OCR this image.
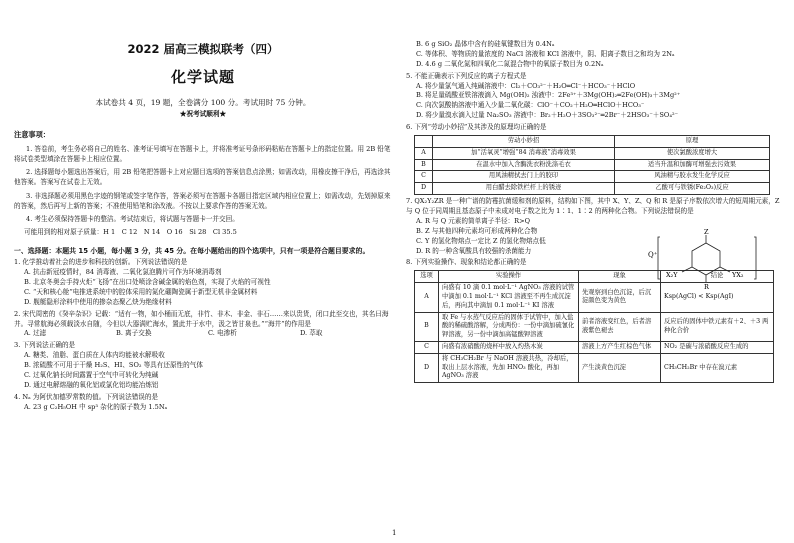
2022 届高三模拟联考（四）
化学试题
本试卷共 4 页，19 题，全卷满分 100 分。考试用时 75 分钟。
★祝考试顺利★
注意事项：

1. 答卷前，考生务必将自己的姓名、准考证号填写在答题卡上，并将准考证号条形码粘贴在答题卡上的指定位置。用 2B 铅笔将试卷类型填涂在答题卡上相应位置。

2. 选择题每小题选出答案后，用 2B 铅笔把答题卡上对应题目选项的答案信息点涂黑；如需改动，用橡皮擦干净后，再选涂其他答案。答案写在试卷上无效。

3. 非选择题必须用黑色字迹的钢笔或签字笔作答，答案必须写在答题卡各题目指定区域内相应位置上；如需改动，先划掉原来的答案，然后再写上新的答案；不准使用铅笔和涂改液。不按以上要求作答的答案无效。

4. 考生必须保持答题卡的整洁。考试结束后，将试题与答题卡一并交回。

可能用到的相对原子质量：H 1　C 12　N 14　O 16　Si 28　Cl 35.5
一、选择题：本题共 15 小题，每小题 3 分，共 45 分。在每小题给出的四个选项中，只有一项是符合题目要求的。
1. 化学推动着社会的进步和科技的创新。下列说法错误的是
A. 抗击新冠疫情时，84 消毒液、二氧化氯泡腾片可作为环境消毒剂
B. 北京冬奥会手持火炬“飞扬”在出口处喷涂含碱金属的焰色剂，实现了火焰的可视性
C. “天和核心舱”电推进系统中的腔体采用的氮化硼陶瓷属于新型无机非金属材料
D. 舰艇隐形涂料中使用的掺杂态聚乙炔为绝缘材料
2. 宋代周密的《癸辛杂识》记载：“适有一物，如小桶而无底，非竹、非木、非金、非石……来以贵货，闭口此至交也，其名曰海井。寻常航海必须载淡水自随，今但以大器满贮海水，置此井于水中，汲之皆甘泉也。”“海井”的作用是
A. 过滤	B. 离子交换	C. 电渗析	D. 萃取
3. 下列说法正确的是
A. 糖类、油脂、蛋白质在人体内均能被水解吸收
B. 浓硫酸不可用于干燥 H₂S、HI、SO₂ 等具有还原性的气体
C. 过氧化钠长时间露置于空气中可转化为纯碱
D. 通过电解熔融的氧化铝或氯化铝均能冶炼铝
4. Nₐ 为阿伏加德罗常数的值。下列说法错误的是
A. 23 g C₂H₅OH 中 sp³ 杂化的原子数为 1.5Nₐ
B. 6 g SiO₂ 晶体中含有的硅氧键数目为 0.4Nₐ
C. 等体积、等物质的量浓度的 NaCl 溶液和 KCl 溶液中，阴、阳离子数目之和均为 2Nₐ
D. 4.6 g 二氧化氮和四氧化二氮混合物中的氧原子数目为 0.2Nₐ
5. 不能正确表示下列反应的离子方程式是
A. 将少量氯气通入纯碱溶液中：Cl₂＋CO₃²⁻＋H₂O═Cl⁻＋HCO₃⁻＋HClO
B. 将足量硫酸亚铁溶液滴入 Mg(OH)₂ 浊液中：2Fe³⁺＋3Mg(OH)₂═2Fe(OH)₃＋3Mg²⁺
C. 向次氯酸钠溶液中通入少量二氧化碳：ClO⁻＋CO₂＋H₂O═HClO＋HCO₃⁻
D. 将少量溴水滴入过量 Na₂SO₃ 溶液中：Br₂＋H₂O＋3SO₃²⁻═2Br⁻＋2HSO₃⁻＋SO₄²⁻
6. 下列“劳动小妙招”及其涉及的原理均正确的是
	劳动小妙招	原理
A	加“活氧灵”增强“84 消毒液”消毒效果	使次氯酸浓度增大
B	在温水中加入含酶洗衣粉洗涤毛衣	适当升温和加酶可增强去污效果
C	用风油精拭去门上的胶印	风油精与胶水发生化学反应
D	用白醋去除铁栏杆上的锈迹	乙酸可与铁锈(Fe₂O₃)反应
7. QX₂Y₂ZR 是一种广谱的防霉抗菌缓和剂的原料，结构如下图，其中 X、Y、Z、Q 和 R 是原子序数依次增大的短周期元素，Z 与 Q 位于同周期且基态原子中未成对电子数之比为 1∶1、1∶2 的两种化合物。下列说法错误的是
A. R 与 Q 元素的简单离子半径：R>Q
B. Z 与其他四种元素均可形成两种化合物
C. Y 的氢化物熔点一定比 Z 的氢化物熔点低
D. R 的一种含氧酸具有较强的杀菌能力
Q⁺
Z
X₂Y	YX₂
R
8. 下列实验操作、现象和结论都正确的是
选项	实验操作	现象	结论
A	向盛有 10 滴 0.1 mol·L⁻¹ AgNO₃ 溶液的试管中滴加 0.1 mol·L⁻¹ KCl 溶液至不再生成沉淀后，再向其中滴加 0.1 mol·L⁻¹ KI 溶液	先观察到白色沉淀，后沉淀颜色变为黄色	Ksp(AgCl) < Ksp(AgI)
B	取 Fe 与水蒸气反应后的固体于试管中，加入盐酸的稀硫酸溶解，分成两份：一份中滴加硫氰化钾溶液，另一份中滴加高锰酸钾溶液	前者溶液变红色，后者溶液紫色褪去	反应后的固体中铁元素有＋2、＋3 两种化合价
C	向盛有浓硝酸的烧杯中放入灼热木炭	溶液上方产生红棕色气体	NO₂ 是碳与浓硝酸反应生成的
D	将 CH₃CH₂Br 与 NaOH 溶液共热，冷却后，取出上层水溶液，先加 HNO₃ 酸化，再加 AgNO₃ 溶液	产生淡黄色沉淀	CH₃CH₂Br 中存在溴元素
1
